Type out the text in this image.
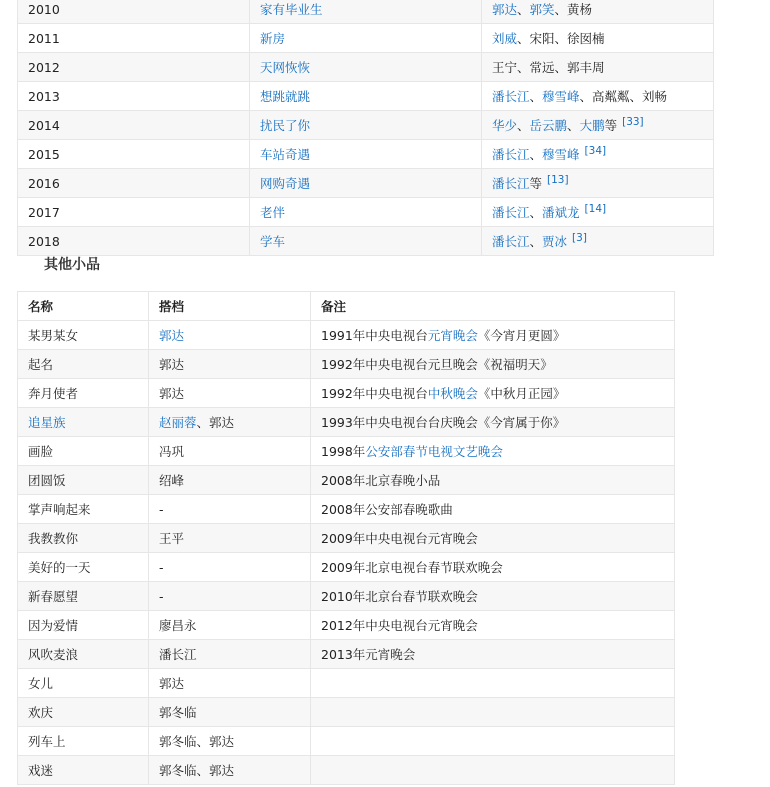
2010	家有毕业生	郭达、郭笑、黄杨
2011	新房	刘威、宋阳、徐囡楠
2012	天网恢恢	王宁、常远、郭丰周
2013	想跳就跳	潘长江、穆雪峰、高粼粼、刘畅
2014	扰民了你	华少、岳云鹏、大鹏等 [33]
2015	车站奇遇	潘长江、穆雪峰 [34]
2016	网购奇遇	潘长江等 [13]
2017	老伴	潘长江、潘斌龙 [14]
2018	学车	潘长江、贾冰 [3]
其他小品
名称	搭档	备注
某男某女	郭达	1991年中央电视台元宵晚会《今宵月更圆》
起名	郭达	1992年中央电视台元旦晚会《祝福明天》
奔月使者	郭达	1992年中央电视台中秋晚会《中秋月正园》
追星族	赵丽蓉、郭达	1993年中央电视台台庆晚会《今宵属于你》
画脸	冯巩	1998年公安部春节电视文艺晚会
团圆饭	绍峰	2008年北京春晚小品
掌声响起来	-	2008年公安部春晚歌曲
我教教你	王平	2009年中央电视台元宵晚会
美好的一天	-	2009年北京电视台春节联欢晚会
新春愿望	-	2010年北京台春节联欢晚会
因为爱情	廖昌永	2012年中央电视台元宵晚会
风吹麦浪	潘长江	2013年元宵晚会
女儿	郭达	
欢庆	郭冬临	
列车上	郭冬临、郭达	
戏迷	郭冬临、郭达	
